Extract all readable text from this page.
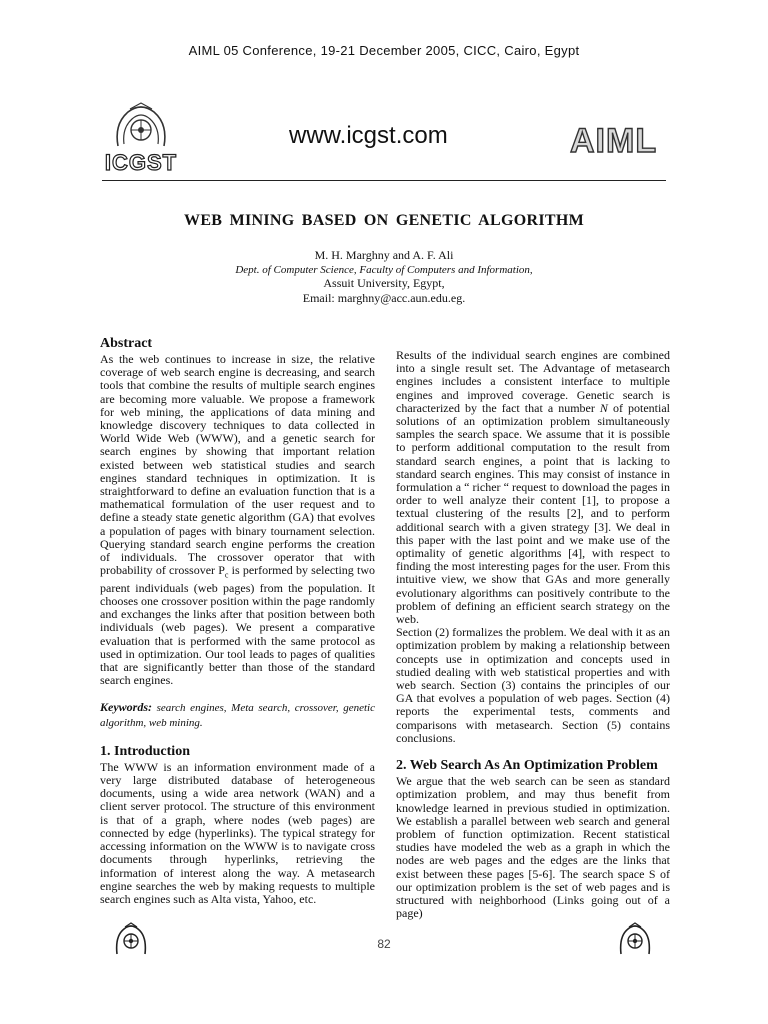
AIML 05 Conference, 19-21 December 2005, CICC, Cairo, Egypt
ICGST
www.icgst.com	AIML
WEB MINING BASED ON GENETIC ALGORITHM
M. H. Marghny and A. F. Ali
Dept. of Computer Science, Faculty of Computers and Information,
Assuit University, Egypt,
Email: marghny@acc.aun.edu.eg.
Abstract

As the web continues to increase in size, the relative coverage of web search engine is decreasing, and search tools that combine the results of multiple search engines are becoming more valuable. We propose a framework for web mining, the applications of data mining and knowledge discovery techniques to data collected in World Wide Web (WWW), and a genetic search for search engines by showing that important relation existed between web statistical studies and search engines standard techniques in optimization. It is straightforward to define an evaluation function that is a mathematical formulation of the user request and to define a steady state genetic algorithm (GA) that evolves a population of pages with binary tournament selection. Querying standard search engine performs the creation of individuals. The crossover operator that with probability of crossover $P_c$ is performed by selecting two parent individuals (web pages) from the population. It chooses one crossover position within the page randomly and exchanges the links after that position between both individuals (web pages). We present a comparative evaluation that is performed with the same protocol as used in optimization. Our tool leads to pages of qualities that are significantly better than those of the standard search engines.

Keywords: search engines, Meta search, crossover, genetic algorithm, web mining.

1. Introduction

The WWW is an information environment made of a very large distributed database of heterogeneous documents, using a wide area network (WAN) and a client server protocol. The structure of this environment is that of a graph, where nodes (web pages) are connected by edge (hyperlinks). The typical strategy for accessing information on the WWW is to navigate cross documents through hyperlinks, retrieving the information of interest along the way. A metasearch engine searches the web by making requests to multiple search engines such as Alta vista, Yahoo, etc.

Results of the individual search engines are combined into a single result set. The Advantage of metasearch engines includes a consistent interface to multiple engines and improved coverage. Genetic search is characterized by the fact that a number N of potential solutions of an optimization problem simultaneously samples the search space. We assume that it is possible to perform additional computation to the result from standard search engines, a point that is lacking to standard search engines. This may consist of instance in formulation a “ richer “ request to download the pages in order to well analyze their content [1], to propose a textual clustering of the results [2], and to perform additional search with a given strategy [3]. We deal in this paper with the last point and we make use of the optimality of genetic algorithms [4], with respect to finding the most interesting pages for the user. From this intuitive view, we show that GAs and more generally evolutionary algorithms can positively contribute to the problem of defining an efficient search strategy on the web.

Section (2) formalizes the problem. We deal with it as an optimization problem by making a relationship between concepts use in optimization and concepts used in studied dealing with web statistical properties and with web search. Section (3) contains the principles of our GA that evolves a population of web pages. Section (4) reports the experimental tests, comments and comparisons with metasearch. Section (5) contains conclusions.

2. Web Search As An Optimization Problem

We argue that the web search can be seen as standard optimization problem, and may thus benefit from knowledge learned in previous studied in optimization. We establish a parallel between web search and general problem of function optimization. Recent statistical studies have modeled the web as a graph in which the nodes are web pages and the edges are the links that exist between these pages [5-6]. The search space S of our optimization problem is the set of web pages and is structured with neighborhood (Links going out of a page)

82
